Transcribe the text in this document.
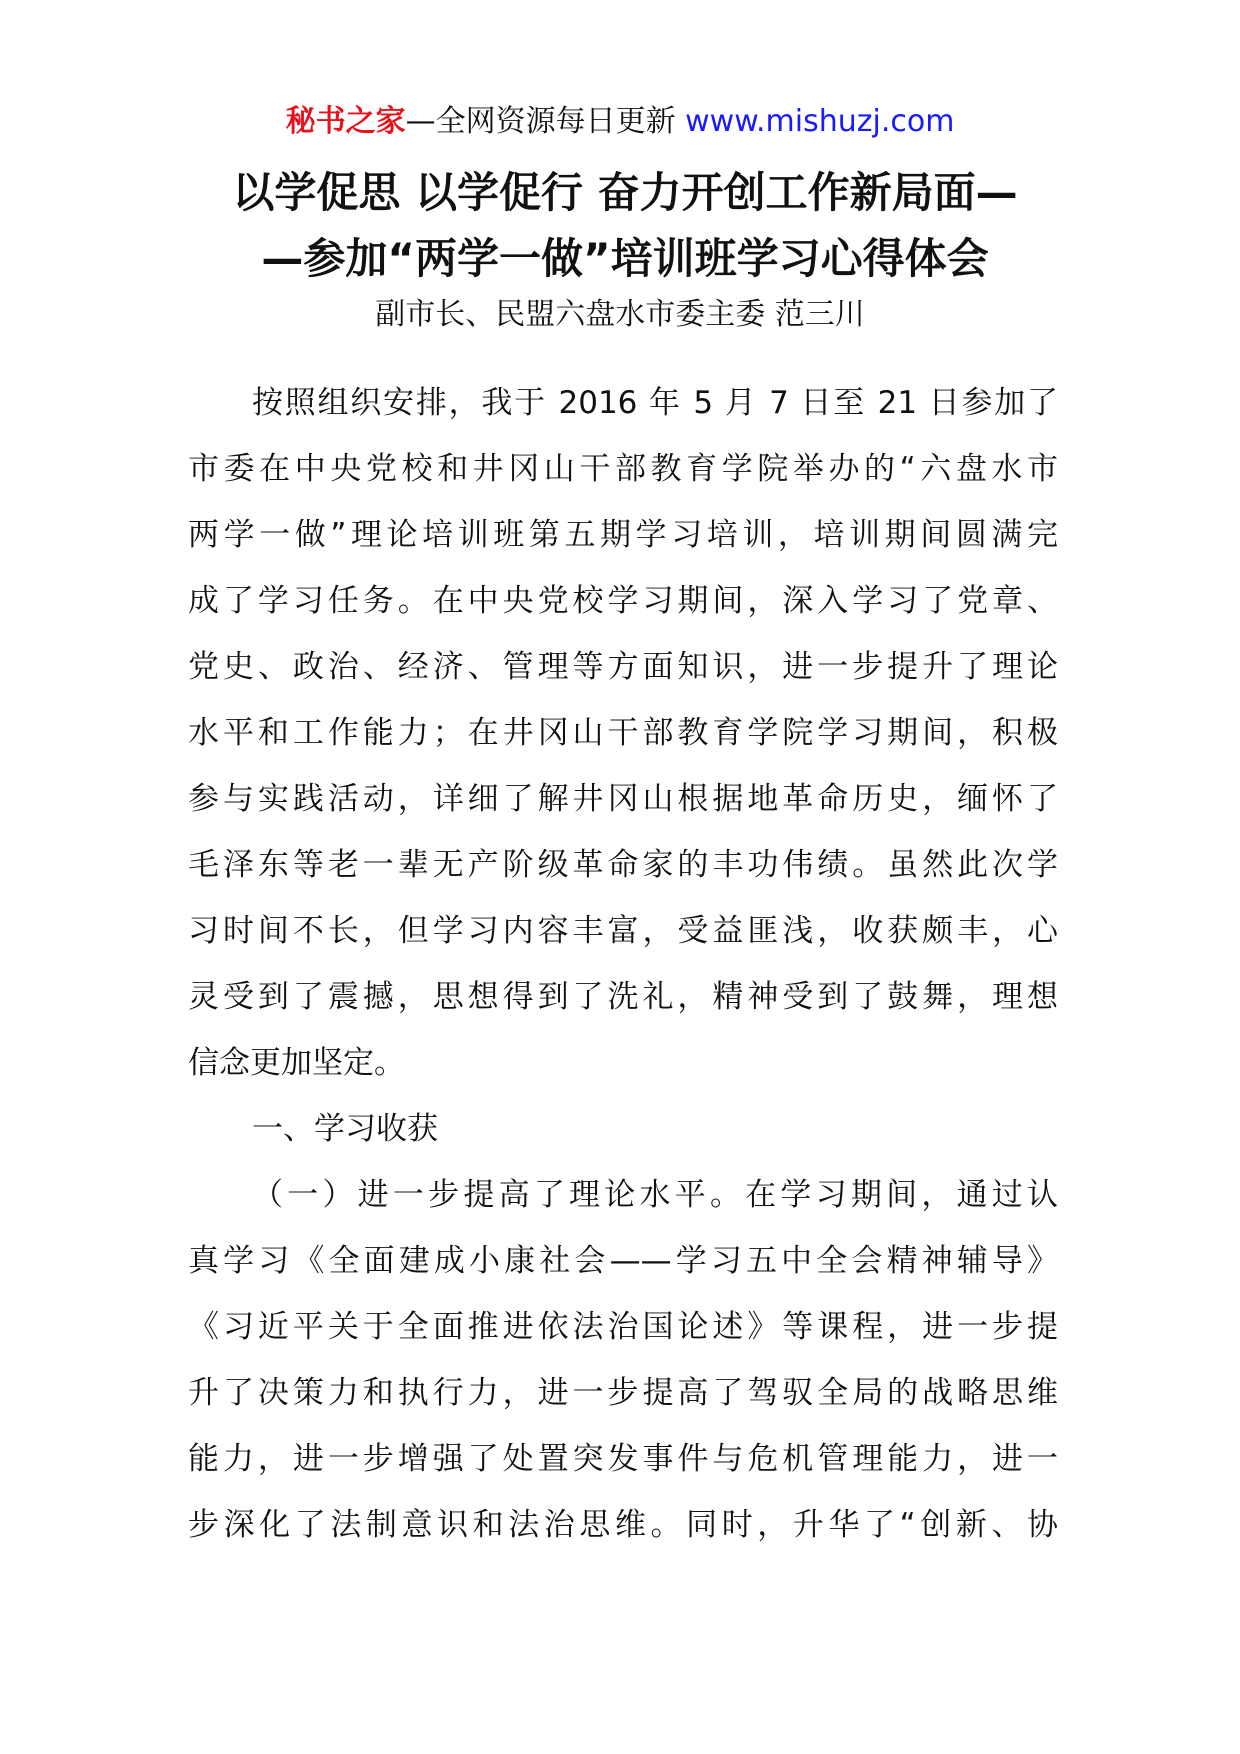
秘书之家—全网资源每日更新 www.mishuzj.com
以学促思 以学促行 奋力开创工作新局面—
—参加“两学一做”培训班学习心得体会
副市长、民盟六盘水市委主委 范三川
按照组织安排，我于 2016 年 5 月 7 日至 21 日参加了
市委在中央党校和井冈山干部教育学院举办的“六盘水市
两学一做”理论培训班第五期学习培训，培训期间圆满完
成了学习任务。在中央党校学习期间，深入学习了党章、
党史、政治、经济、管理等方面知识，进一步提升了理论
水平和工作能力；在井冈山干部教育学院学习期间，积极
参与实践活动，详细了解井冈山根据地革命历史，缅怀了
毛泽东等老一辈无产阶级革命家的丰功伟绩。虽然此次学
习时间不长，但学习内容丰富，受益匪浅，收获颇丰，心
灵受到了震撼，思想得到了洗礼，精神受到了鼓舞，理想
信念更加坚定。
一、学习收获
（一）进一步提高了理论水平。在学习期间，通过认
真学习《全面建成小康社会——学习五中全会精神辅导》
《习近平关于全面推进依法治国论述》等课程，进一步提
升了决策力和执行力，进一步提高了驾驭全局的战略思维
能力，进一步增强了处置突发事件与危机管理能力，进一
步深化了法制意识和法治思维。同时，升华了“创新、协
